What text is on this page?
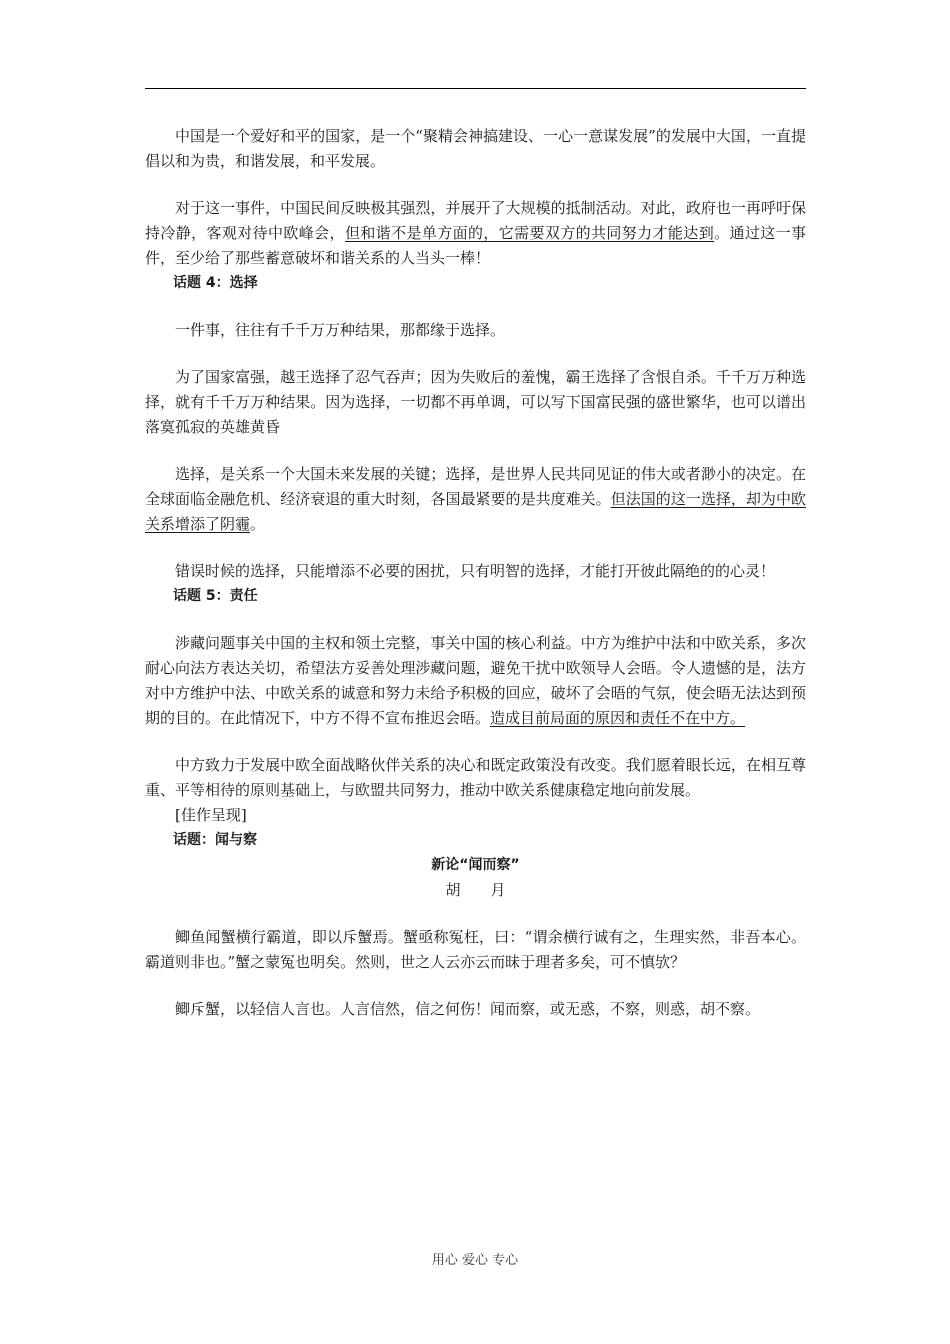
中国是一个爱好和平的国家，是一个“聚精会神搞建设、一心一意谋发展”的发展中大国，一直提倡以和为贵，和谐发展，和平发展。

对于这一事件，中国民间反映极其强烈，并展开了大规模的抵制活动。对此，政府也一再呼吁保持冷静，客观对待中欧峰会，但和谐不是单方面的，它需要双方的共同努力才能达到。通过这一事件，至少给了那些蓄意破坏和谐关系的人当头一棒！

话题 4：选择

一件事，往往有千千万万种结果，那都缘于选择。

为了国家富强，越王选择了忍气吞声；因为失败后的羞愧，霸王选择了含恨自杀。千千万万种选择，就有千千万万种结果。因为选择，一切都不再单调，可以写下国富民强的盛世繁华，也可以谱出落寞孤寂的英雄黄昏

选择，是关系一个大国未来发展的关键；选择，是世界人民共同见证的伟大或者渺小的决定。在全球面临金融危机、经济衰退的重大时刻，各国最紧要的是共度难关。但法国的这一选择，却为中欧关系增添了阴霾。

错误时候的选择，只能增添不必要的困扰，只有明智的选择，才能打开彼此隔绝的的心灵！

话题 5：责任

涉藏问题事关中国的主权和领土完整，事关中国的核心利益。中方为维护中法和中欧关系，多次耐心向法方表达关切，希望法方妥善处理涉藏问题，避免干扰中欧领导人会晤。令人遗憾的是，法方对中方维护中法、中欧关系的诚意和努力未给予积极的回应，破坏了会晤的气氛，使会晤无法达到预期的目的。在此情况下，中方不得不宣布推迟会晤。造成目前局面的原因和责任不在中方。

中方致力于发展中欧全面战略伙伴关系的决心和既定政策没有改变。我们愿着眼长远，在相互尊重、平等相待的原则基础上，与欧盟共同努力，推动中欧关系健康稳定地向前发展。

[佳作呈现]

话题：闻与察

新论“闻而察”

胡月

鲫鱼闻蟹横行霸道，即以斥蟹焉。蟹亟称冤枉，曰：“谓余横行诚有之，生理实然，非吾本心。霸道则非也。”蟹之蒙冤也明矣。然则，世之人云亦云而昧于理者多矣，可不慎欤？

鲫斥蟹，以轻信人言也。人言信然，信之何伤！闻而察，或无惑，不察，则惑，胡不察。

用心 爱心 专心
